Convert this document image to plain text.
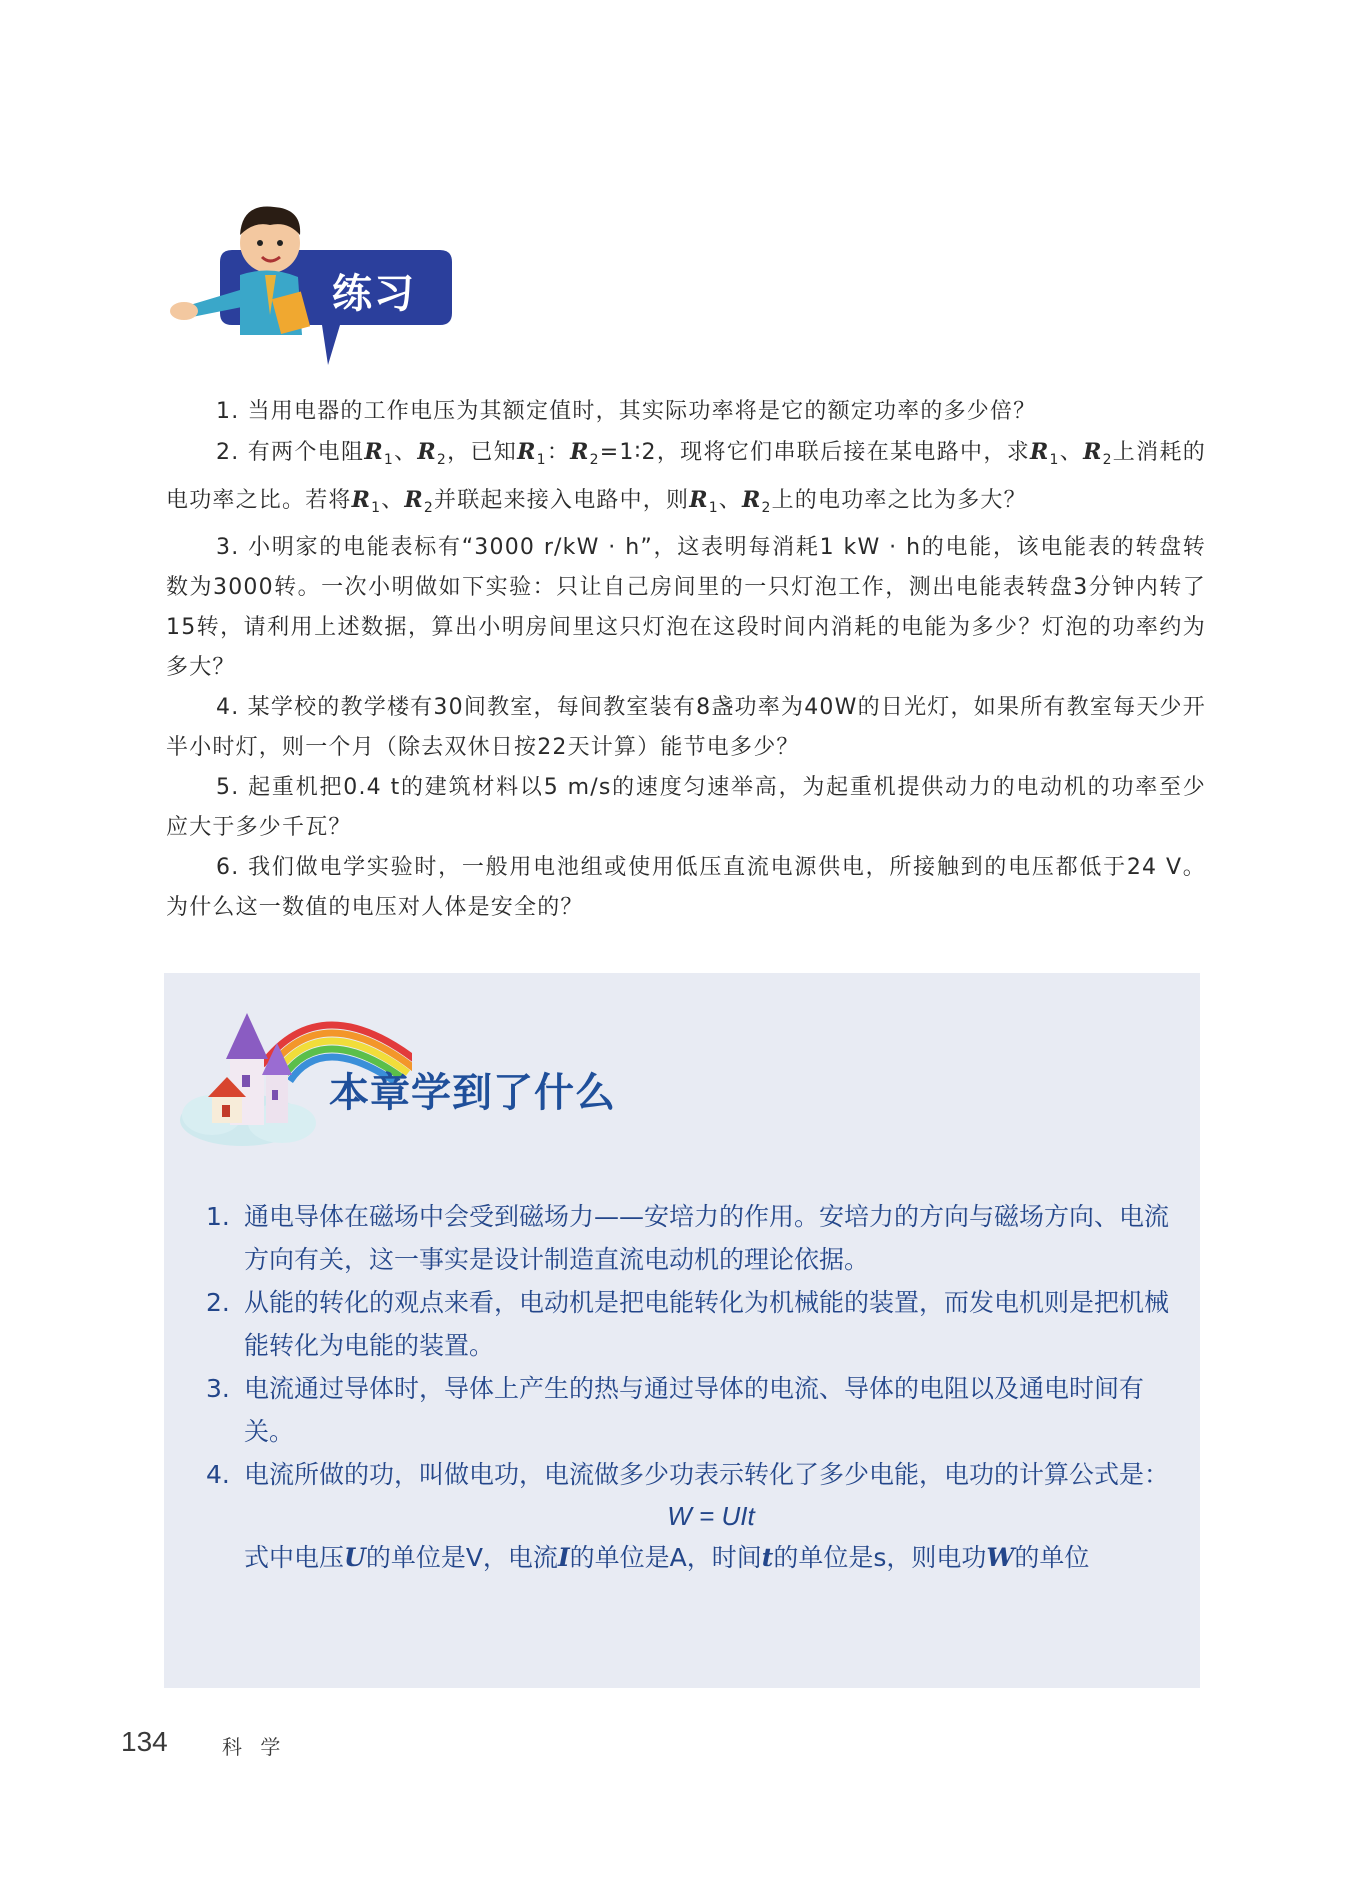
练习

1. 当用电器的工作电压为其额定值时，其实际功率将是它的额定功率的多少倍？

2. 有两个电阻$R_1$、$R_2$，已知$R_1$：$R_2=1∶2$，现将它们串联后接在某电路中，求$R_1$、$R_2$上消耗的电功率之比。若将$R_1$、$R_2$并联起来接入电路中，则$R_1$、$R_2$上的电功率之比为多大？

3. 小明家的电能表标有“3000 r/kW · h”，这表明每消耗1 kW · h的电能，该电能表的转盘转数为3000转。一次小明做如下实验：只让自己房间里的一只灯泡工作，测出电能表转盘3分钟内转了15转，请利用上述数据，算出小明房间里这只灯泡在这段时间内消耗的电能为多少？灯泡的功率约为多大？

4. 某学校的教学楼有30间教室，每间教室装有8盏功率为40W的日光灯，如果所有教室每天少开半小时灯，则一个月（除去双休日按22天计算）能节电多少？

5. 起重机把0.4 t的建筑材料以5 m/s的速度匀速举高，为起重机提供动力的电动机的功率至少应大于多少千瓦？

6. 我们做电学实验时，一般用电池组或使用低压直流电源供电，所接触到的电压都低于24 V。为什么这一数值的电压对人体是安全的？

本章学到了什么
1. 通电导体在磁场中会受到磁场力——安培力的作用。安培力的方向与磁场方向、电流方向有关，这一事实是设计制造直流电动机的理论依据。
2. 从能的转化的观点来看，电动机是把电能转化为机械能的装置，而发电机则是把机械能转化为电能的装置。
3. 电流通过导体时，导体上产生的热与通过导体的电流、导体的电阻以及通电时间有关。
4. 电流所做的功，叫做电功，电流做多少功表示转化了多少电能，电功的计算公式是：
W = UIt
式中电压U的单位是V，电流I的单位是A，时间t的单位是s，则电功W的单位
134	科 学
